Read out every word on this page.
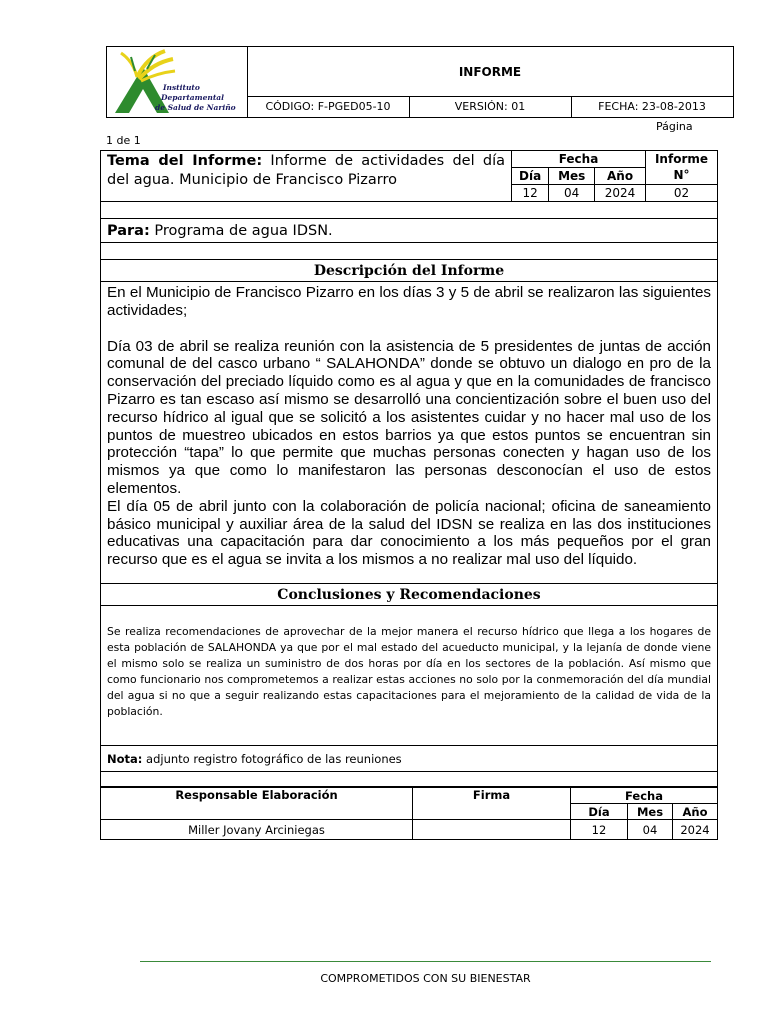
Instituto
Departamental
de Salud de Nariño
INFORME
CÓDIGO: F-PGED05-10	VERSIÓN: 01	FECHA: 23-08-2013
Página
1 de 1
Tema del Informe: Informe de actividades del día del agua. Municipio de Francisco Pizarro
Fecha		
Día	Mes	Año
12	04	2024
Informe
N°
02
Para:
Programa de agua IDSN.
Descripción del Informe

En el Municipio de Francisco Pizarro en los días 3 y 5 de abril se realizaron las siguientes actividades;

Día 03 de abril se realiza reunión con la asistencia de 5 presidentes de juntas de acción comunal de del casco urbano “ SALAHONDA” donde se obtuvo un dialogo en pro de la conservación del preciado líquido como es al agua y que en la comunidades de francisco Pizarro es tan escaso así mismo se desarrolló una concientización sobre el buen uso del recurso hídrico al igual que se solicitó a los asistentes cuidar y no hacer mal uso de los puntos de muestreo ubicados en estos barrios ya que estos puntos se encuentran sin protección “tapa” lo que permite que muchas personas conecten y hagan uso de los mismos ya que como lo manifestaron las personas desconocían el uso de estos elementos.

El día 05 de abril junto con la colaboración de policía nacional; oficina de saneamiento básico municipal y auxiliar área de la salud del IDSN se realiza en las dos instituciones educativas una capacitación para dar conocimiento a los más pequeños por el gran recurso que es el agua se invita a los mismos a no realizar mal uso del líquido.

Conclusiones y Recomendaciones
Se realiza recomendaciones de aprovechar de la mejor manera el recurso hídrico que llega a los hogares de esta población de SALAHONDA ya que por el mal estado del acueducto municipal, y la lejanía de donde viene el mismo solo se realiza un suministro de dos horas por día en los sectores de la población. Así mismo que como funcionario nos comprometemos a realizar estas acciones no solo por la conmemoración del día mundial del agua si no que a seguir realizando estas capacitaciones para el mejoramiento de la calidad de vida de la población.
Nota:
adjunto registro fotográfico de las reuniones
Responsable Elaboración	Firma	Fecha		
		Día	Mes	Año
Miller Jovany Arciniegas		12	04	2024
COMPROMETIDOS CON SU BIENESTAR
